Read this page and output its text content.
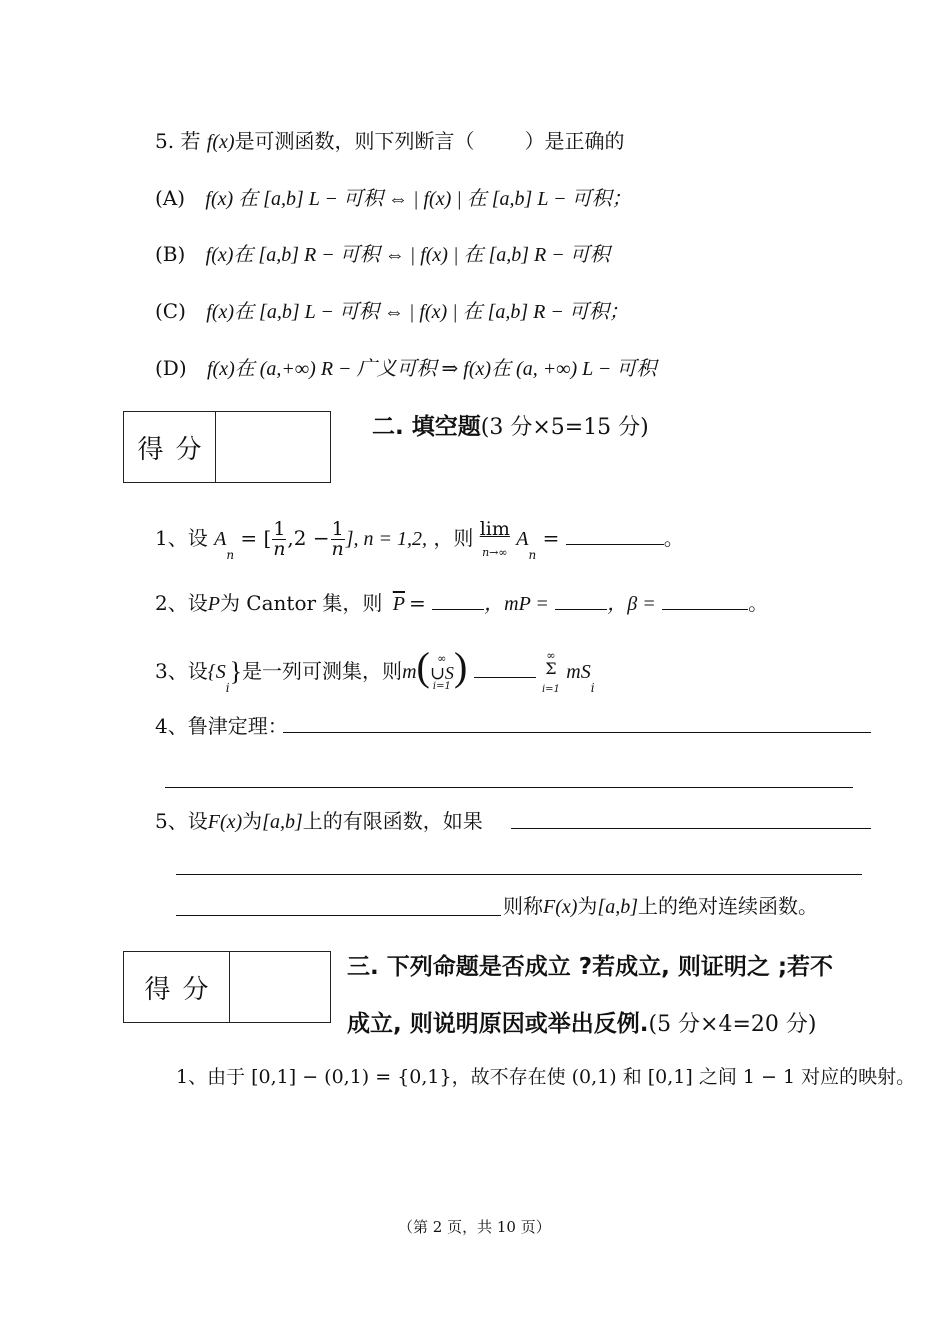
5. 若 f(x)是可测函数，则下列断言（	）是正确的
(A) f(x) 在 [a,b] L − 可积 ⇔ | f(x) | 在 [a,b] L − 可积；
(B) f(x)在 [a,b] R − 可积 ⇔ | f(x) | 在 [a,b] R − 可积
(C) f(x)在 [a,b] L − 可积 ⇔ | f(x) | 在 [a,b] R − 可积；
(D) f(x)在 (a,+∞) R − 广义可积 ⇒ f(x)在 (a, +∞) L − 可积
得分
二. 填空题(3 分×5=15 分)
1、设 $A_n$ = [ $\frac{1}{n} ,2 - \frac{1}{n}$ ], n = 1,2, ，则 lim
n→∞
$A_n$ =	。
2、设P为 Cantor 集，则 $\overline{P}$ =	，mP =	，β =	。
3、设$\{S_i\}$是一列可测集，则m( ∞
∪S
i=1 )	∞
Σ
i=1
$mS_i$
4、鲁津定理：
5、设F(x)为[a,b]上的有限函数，如果
则称F(x)为[a,b]上的绝对连续函数。
得分
三. 下列命题是否成立 ?若成立, 则证明之 ;若不
成立, 则说明原因或举出反例.(5 分×4=20 分)
1、由于 [0,1] − (0,1) = {0,1}，故不存在使 (0,1) 和 [0,1] 之间 1 − 1 对应的映射。
（第 2 页，共 10 页）
